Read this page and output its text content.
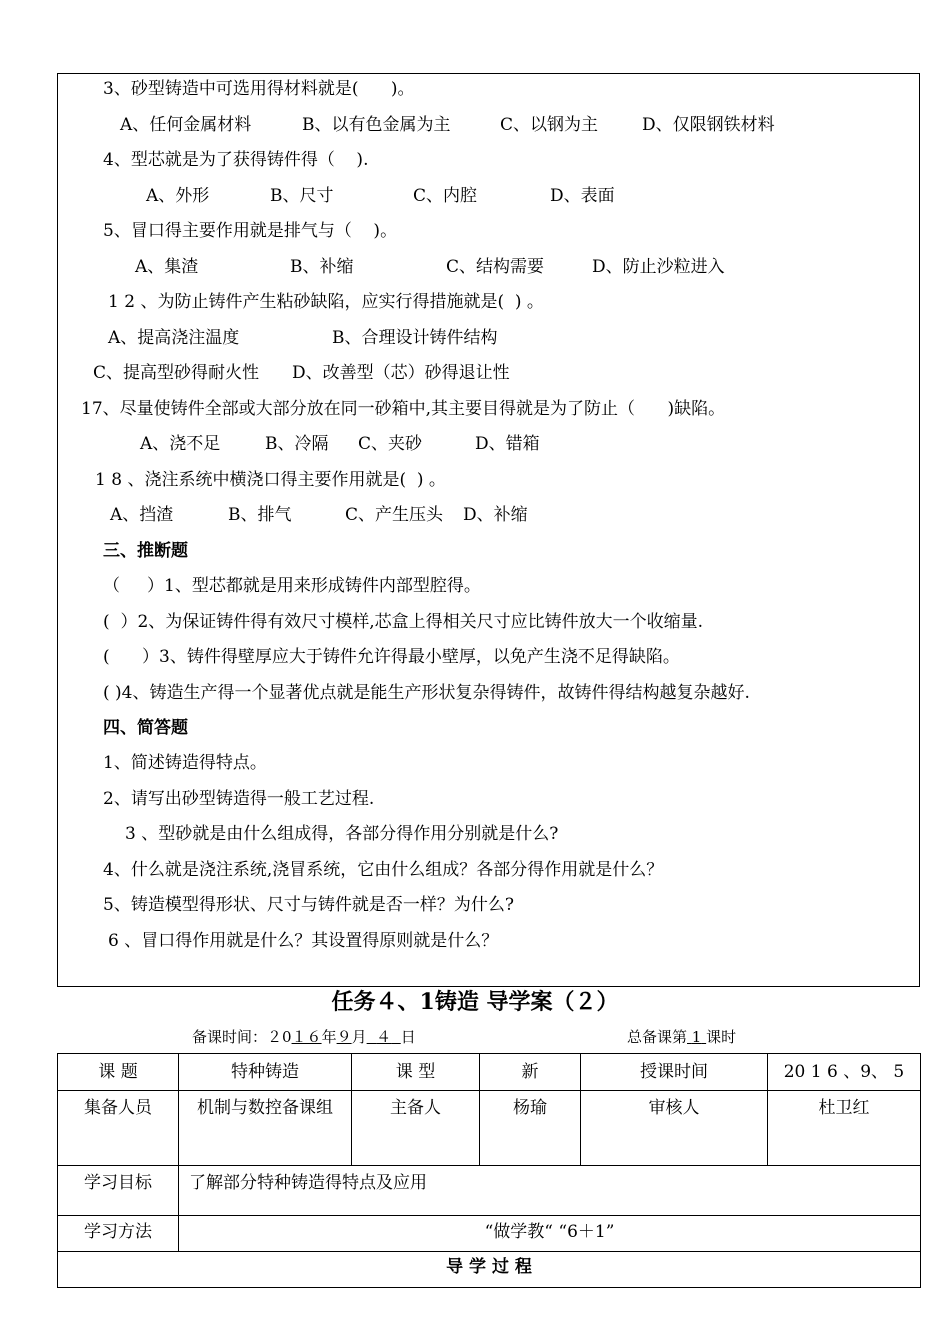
3、砂型铸造中可选用得材料就是(      )。
A、任何金属材料	B、以有色金属为主	C、以钢为主	D、仅限钢铁材料
4、型芯就是为了获得铸件得（    ).
A、外形	B、尺寸	C、内腔	D、表面
5、冒口得主要作用就是排气与（    )。
A、集渣	B、补缩	C、结构需要	D、防止沙粒进入
1 2 、为防止铸件产生粘砂缺陷，应实行得措施就是(  ) 。
A、提高浇注温度	B、合理设计铸件结构
C、提高型砂得耐火性 D、改善型（芯）砂得退让性
17、尽量使铸件全部或大部分放在同一砂箱中,其主要目得就是为了防止（      )缺陷。
A、浇不足	B、冷隔 C、夹砂	D、错箱
1 8 、浇注系统中横浇口得主要作用就是(  ) 。
A、挡渣	B、排气	C、产生压头 D、补缩
三、推断题
（     ）1、型芯都就是用来形成铸件内部型腔得。
(  ）2、为保证铸件得有效尺寸模样,芯盒上得相关尺寸应比铸件放大一个收缩量.
(      ）3、铸件得壁厚应大于铸件允许得最小壁厚，以免产生浇不足得缺陷。
( )4、铸造生产得一个显著优点就是能生产形状复杂得铸件，故铸件得结构越复杂越好.
四、简答题
1、简述铸造得特点。
2、请写出砂型铸造得一般工艺过程.
3 、型砂就是由什么组成得，各部分得作用分别就是什么?
4、什么就是浇注系统,浇冒系统，它由什么组成？各部分得作用就是什么？
5、铸造模型得形状、尺寸与铸件就是否一样？为什么?
6 、冒口得作用就是什么？其设置得原则就是什么？
任务４、1铸造 导学案（２）
备课时间：２0１６年９月 ４ 日	总备课第 1 课时
课 题	特种铸造	课 型	新	授课时间	20 1 6 、9、 5
集备人员	机制与数控备课组	主备人	杨瑜	审核人	杜卫红
学习目标	了解部分特种铸造得特点及应用				
学习方法	“做学教“ “6＋1”				
导 学 过 程					
